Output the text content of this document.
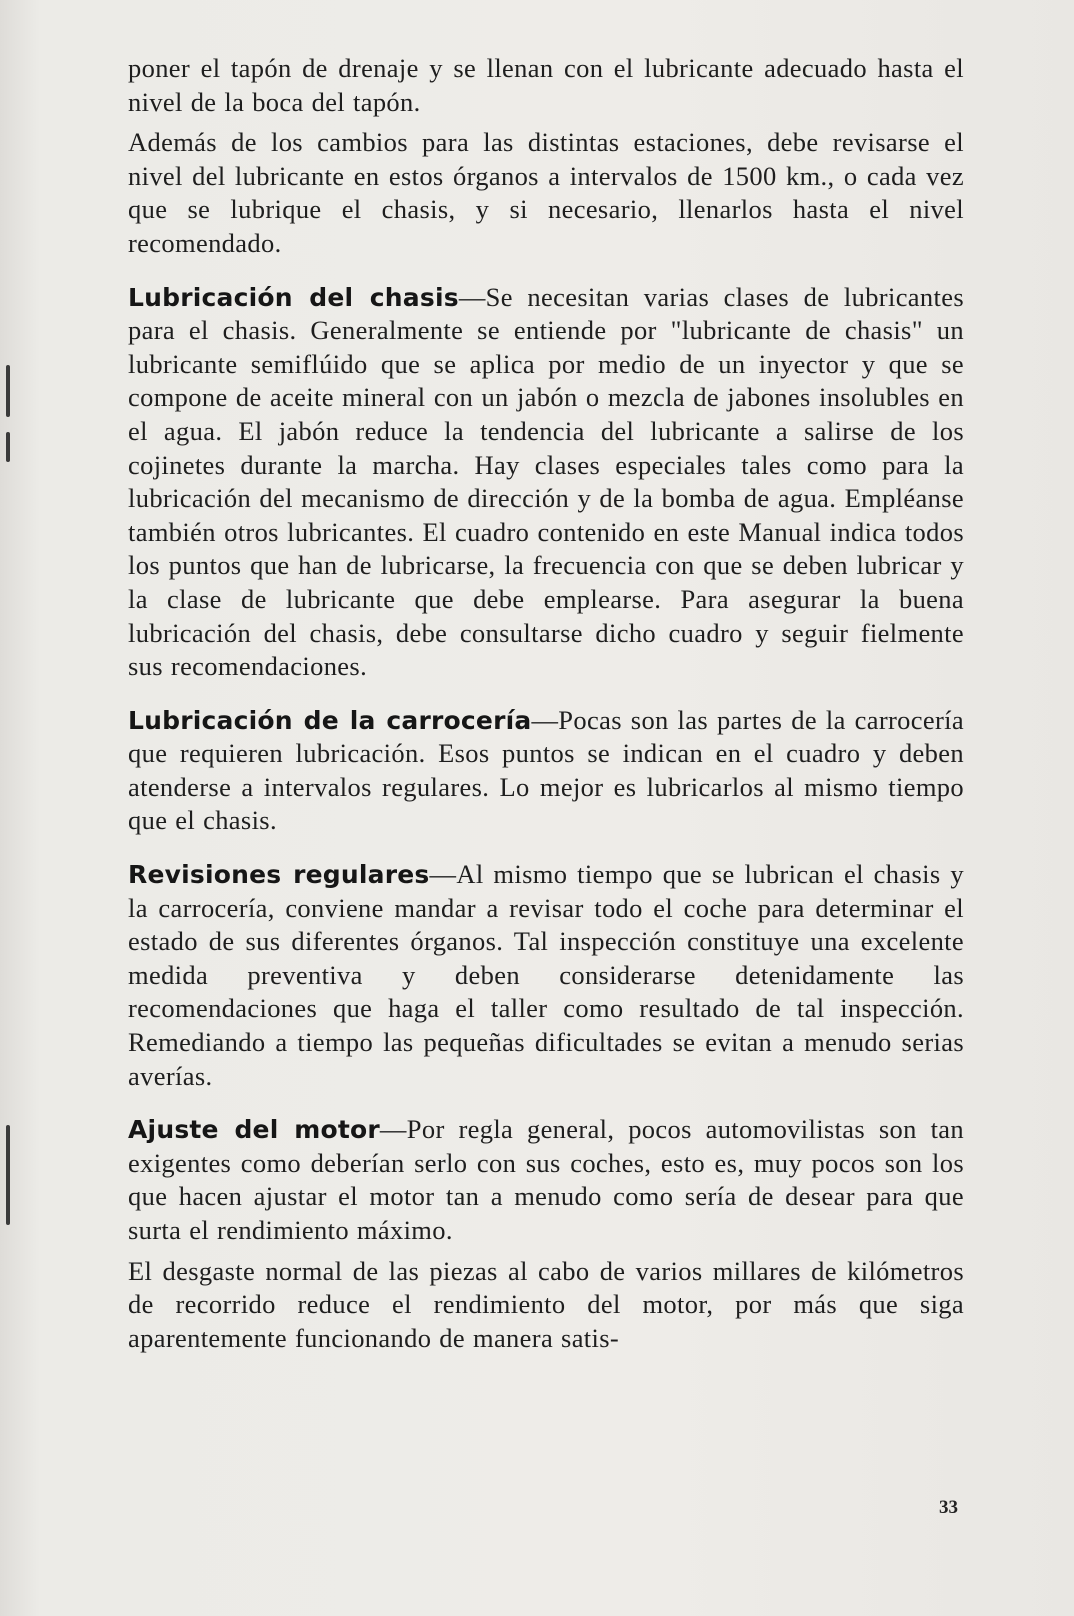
poner el tapón de drenaje y se llenan con el lubricante adecuado hasta el nivel de la boca del tapón.

Además de los cambios para las distintas estaciones, debe revisarse el nivel del lubricante en estos órganos a intervalos de 1500 km., o cada vez que se lubrique el chasis, y si necesario, llenarlos hasta el nivel recomendado.

Lubricación del chasis—Se necesitan varias clases de lubricantes para el chasis. Generalmente se entiende por "lubricante de chasis" un lubricante semiflúido que se aplica por medio de un inyector y que se compone de aceite mineral con un jabón o mezcla de jabones insolubles en el agua. El jabón reduce la tendencia del lubricante a salirse de los cojinetes durante la marcha. Hay clases especiales tales como para la lubricación del mecanismo de dirección y de la bomba de agua. Empléanse también otros lubricantes. El cuadro contenido en este Manual indica todos los puntos que han de lubricarse, la frecuencia con que se deben lubricar y la clase de lubricante que debe emplearse. Para asegurar la buena lubricación del chasis, debe consultarse dicho cuadro y seguir fielmente sus recomendaciones.

Lubricación de la carrocería—Pocas son las partes de la carrocería que requieren lubricación. Esos puntos se indican en el cuadro y deben atenderse a intervalos regulares. Lo mejor es lubricarlos al mismo tiempo que el chasis.

Revisiones regulares—Al mismo tiempo que se lubrican el chasis y la carrocería, conviene mandar a revisar todo el coche para determinar el estado de sus diferentes órganos. Tal inspección constituye una excelente medida preventiva y deben considerarse detenidamente las recomendaciones que haga el taller como resultado de tal inspección. Remediando a tiempo las pequeñas dificultades se evitan a menudo serias averías.

Ajuste del motor—Por regla general, pocos automovilistas son tan exigentes como deberían serlo con sus coches, esto es, muy pocos son los que hacen ajustar el motor tan a menudo como sería de desear para que surta el rendimiento máximo.

El desgaste normal de las piezas al cabo de varios millares de kilómetros de recorrido reduce el rendimiento del motor, por más que siga aparentemente funcionando de manera satis-

33
